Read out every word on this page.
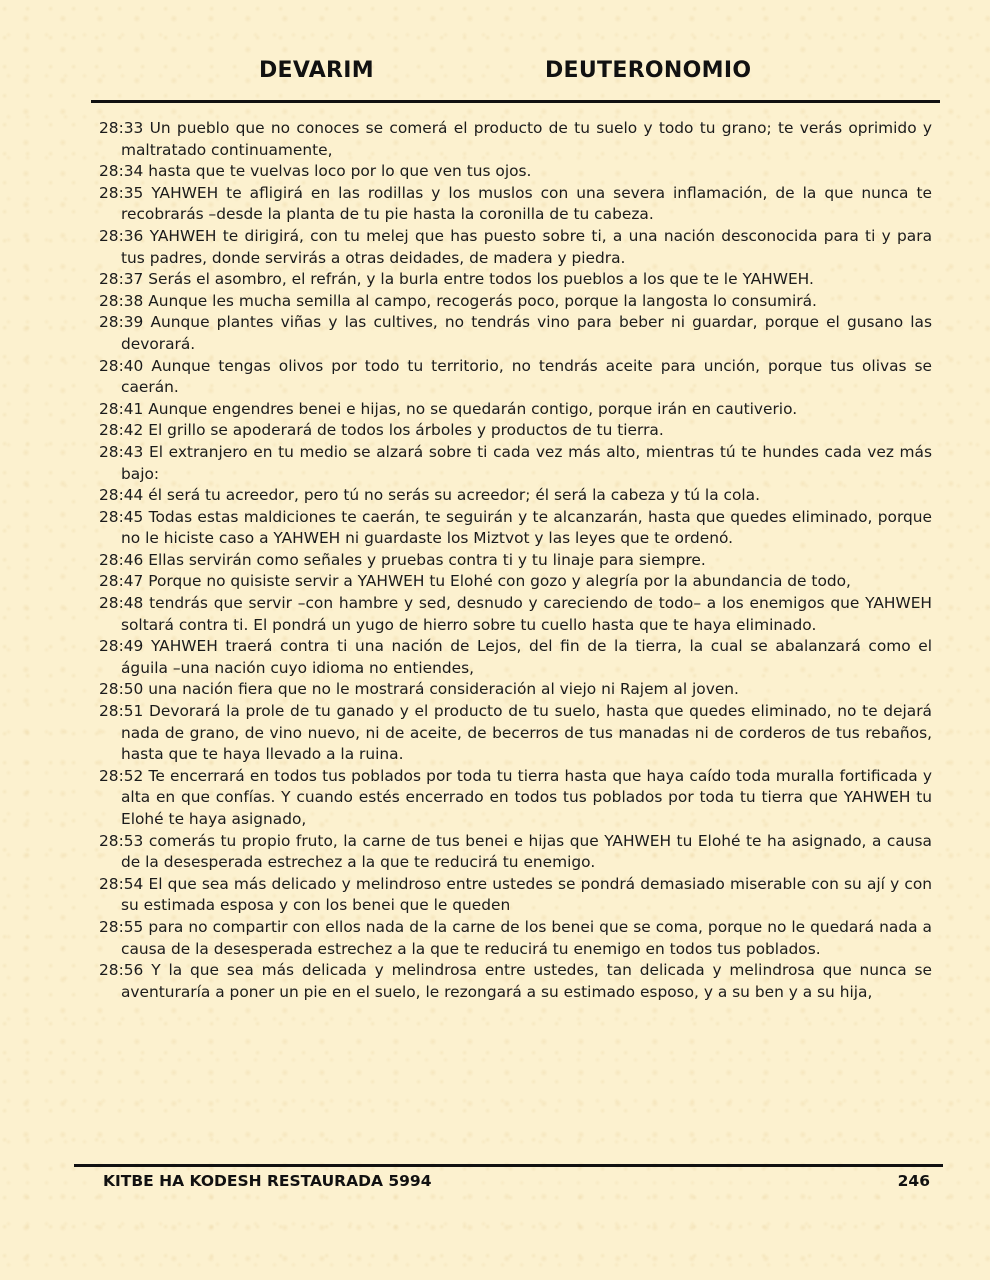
DEVARIM	DEUTERONOMIO
28:33 Un pueblo que no conoces se comerá el producto de tu suelo y todo tu grano; te verás oprimido y maltratado continuamente,
28:34 hasta que te vuelvas loco por lo que ven tus ojos.
28:35 YAHWEH te afligirá en las rodillas y los muslos con una severa inflamación, de la que nunca te recobrarás –desde la planta de tu pie hasta la coronilla de tu cabeza.
28:36 YAHWEH te dirigirá, con tu melej que has puesto sobre ti, a una nación desconocida para ti y para tus padres, donde servirás a otras deidades, de madera y piedra.
28:37 Serás el asombro, el refrán, y la burla entre todos los pueblos a los que te le YAHWEH.
28:38 Aunque les mucha semilla al campo, recogerás poco, porque la langosta lo consumirá.
28:39 Aunque plantes viñas y las cultives, no tendrás vino para beber ni guardar, porque el gusano las devorará.
28:40 Aunque tengas olivos por todo tu territorio, no tendrás aceite para unción, porque tus olivas se caerán.
28:41 Aunque engendres benei e hijas, no se quedarán contigo, porque irán en cautiverio.
28:42 El grillo se apoderará de todos los árboles y productos de tu tierra.
28:43 El extranjero en tu medio se alzará sobre ti cada vez más alto, mientras tú te hundes cada vez más bajo:
28:44 él será tu acreedor, pero tú no serás su acreedor; él será la cabeza y tú la cola.
28:45 Todas estas maldiciones te caerán, te seguirán y te alcanzarán, hasta que quedes eliminado, porque no le hiciste caso a YAHWEH ni guardaste los Miztvot y las leyes que te ordenó.
28:46 Ellas servirán como señales y pruebas contra ti y tu linaje para siempre.
28:47 Porque no quisiste servir a YAHWEH tu Elohé con gozo y alegría por la abundancia de todo,
28:48 tendrás que servir –con hambre y sed, desnudo y careciendo de todo– a los enemigos que YAHWEH soltará contra ti. El pondrá un yugo de hierro sobre tu cuello hasta que te haya eliminado.
28:49 YAHWEH traerá contra ti una nación de Lejos, del fin de la tierra, la cual se abalanzará como el águila –una nación cuyo idioma no entiendes,
28:50 una nación fiera que no le mostrará consideración al viejo ni Rajem al joven.
28:51 Devorará la prole de tu ganado y el producto de tu suelo, hasta que quedes eliminado, no te dejará nada de grano, de vino nuevo, ni de aceite, de becerros de tus manadas ni de corderos de tus rebaños, hasta que te haya llevado a la ruina.
28:52 Te encerrará en todos tus poblados por toda tu tierra hasta que haya caído toda muralla fortificada y alta en que confías. Y cuando estés encerrado en todos tus poblados por toda tu tierra que YAHWEH tu Elohé te haya asignado,
28:53 comerás tu propio fruto, la carne de tus benei e hijas que YAHWEH tu Elohé te ha asignado, a causa de la desesperada estrechez a la que te reducirá tu enemigo.
28:54 El que sea más delicado y melindroso entre ustedes se pondrá demasiado miserable con su ají y con su estimada esposa y con los benei que le queden
28:55 para no compartir con ellos nada de la carne de los benei que se coma, porque no le quedará nada a causa de la desesperada estrechez a la que te reducirá tu enemigo en todos tus poblados.
28:56 Y la que sea más delicada y melindrosa entre ustedes, tan delicada y melindrosa que nunca se aventuraría a poner un pie en el suelo, le rezongará a su estimado esposo, y a su ben y a su hija,
KITBE HA KODESH RESTAURADA 5994	246
